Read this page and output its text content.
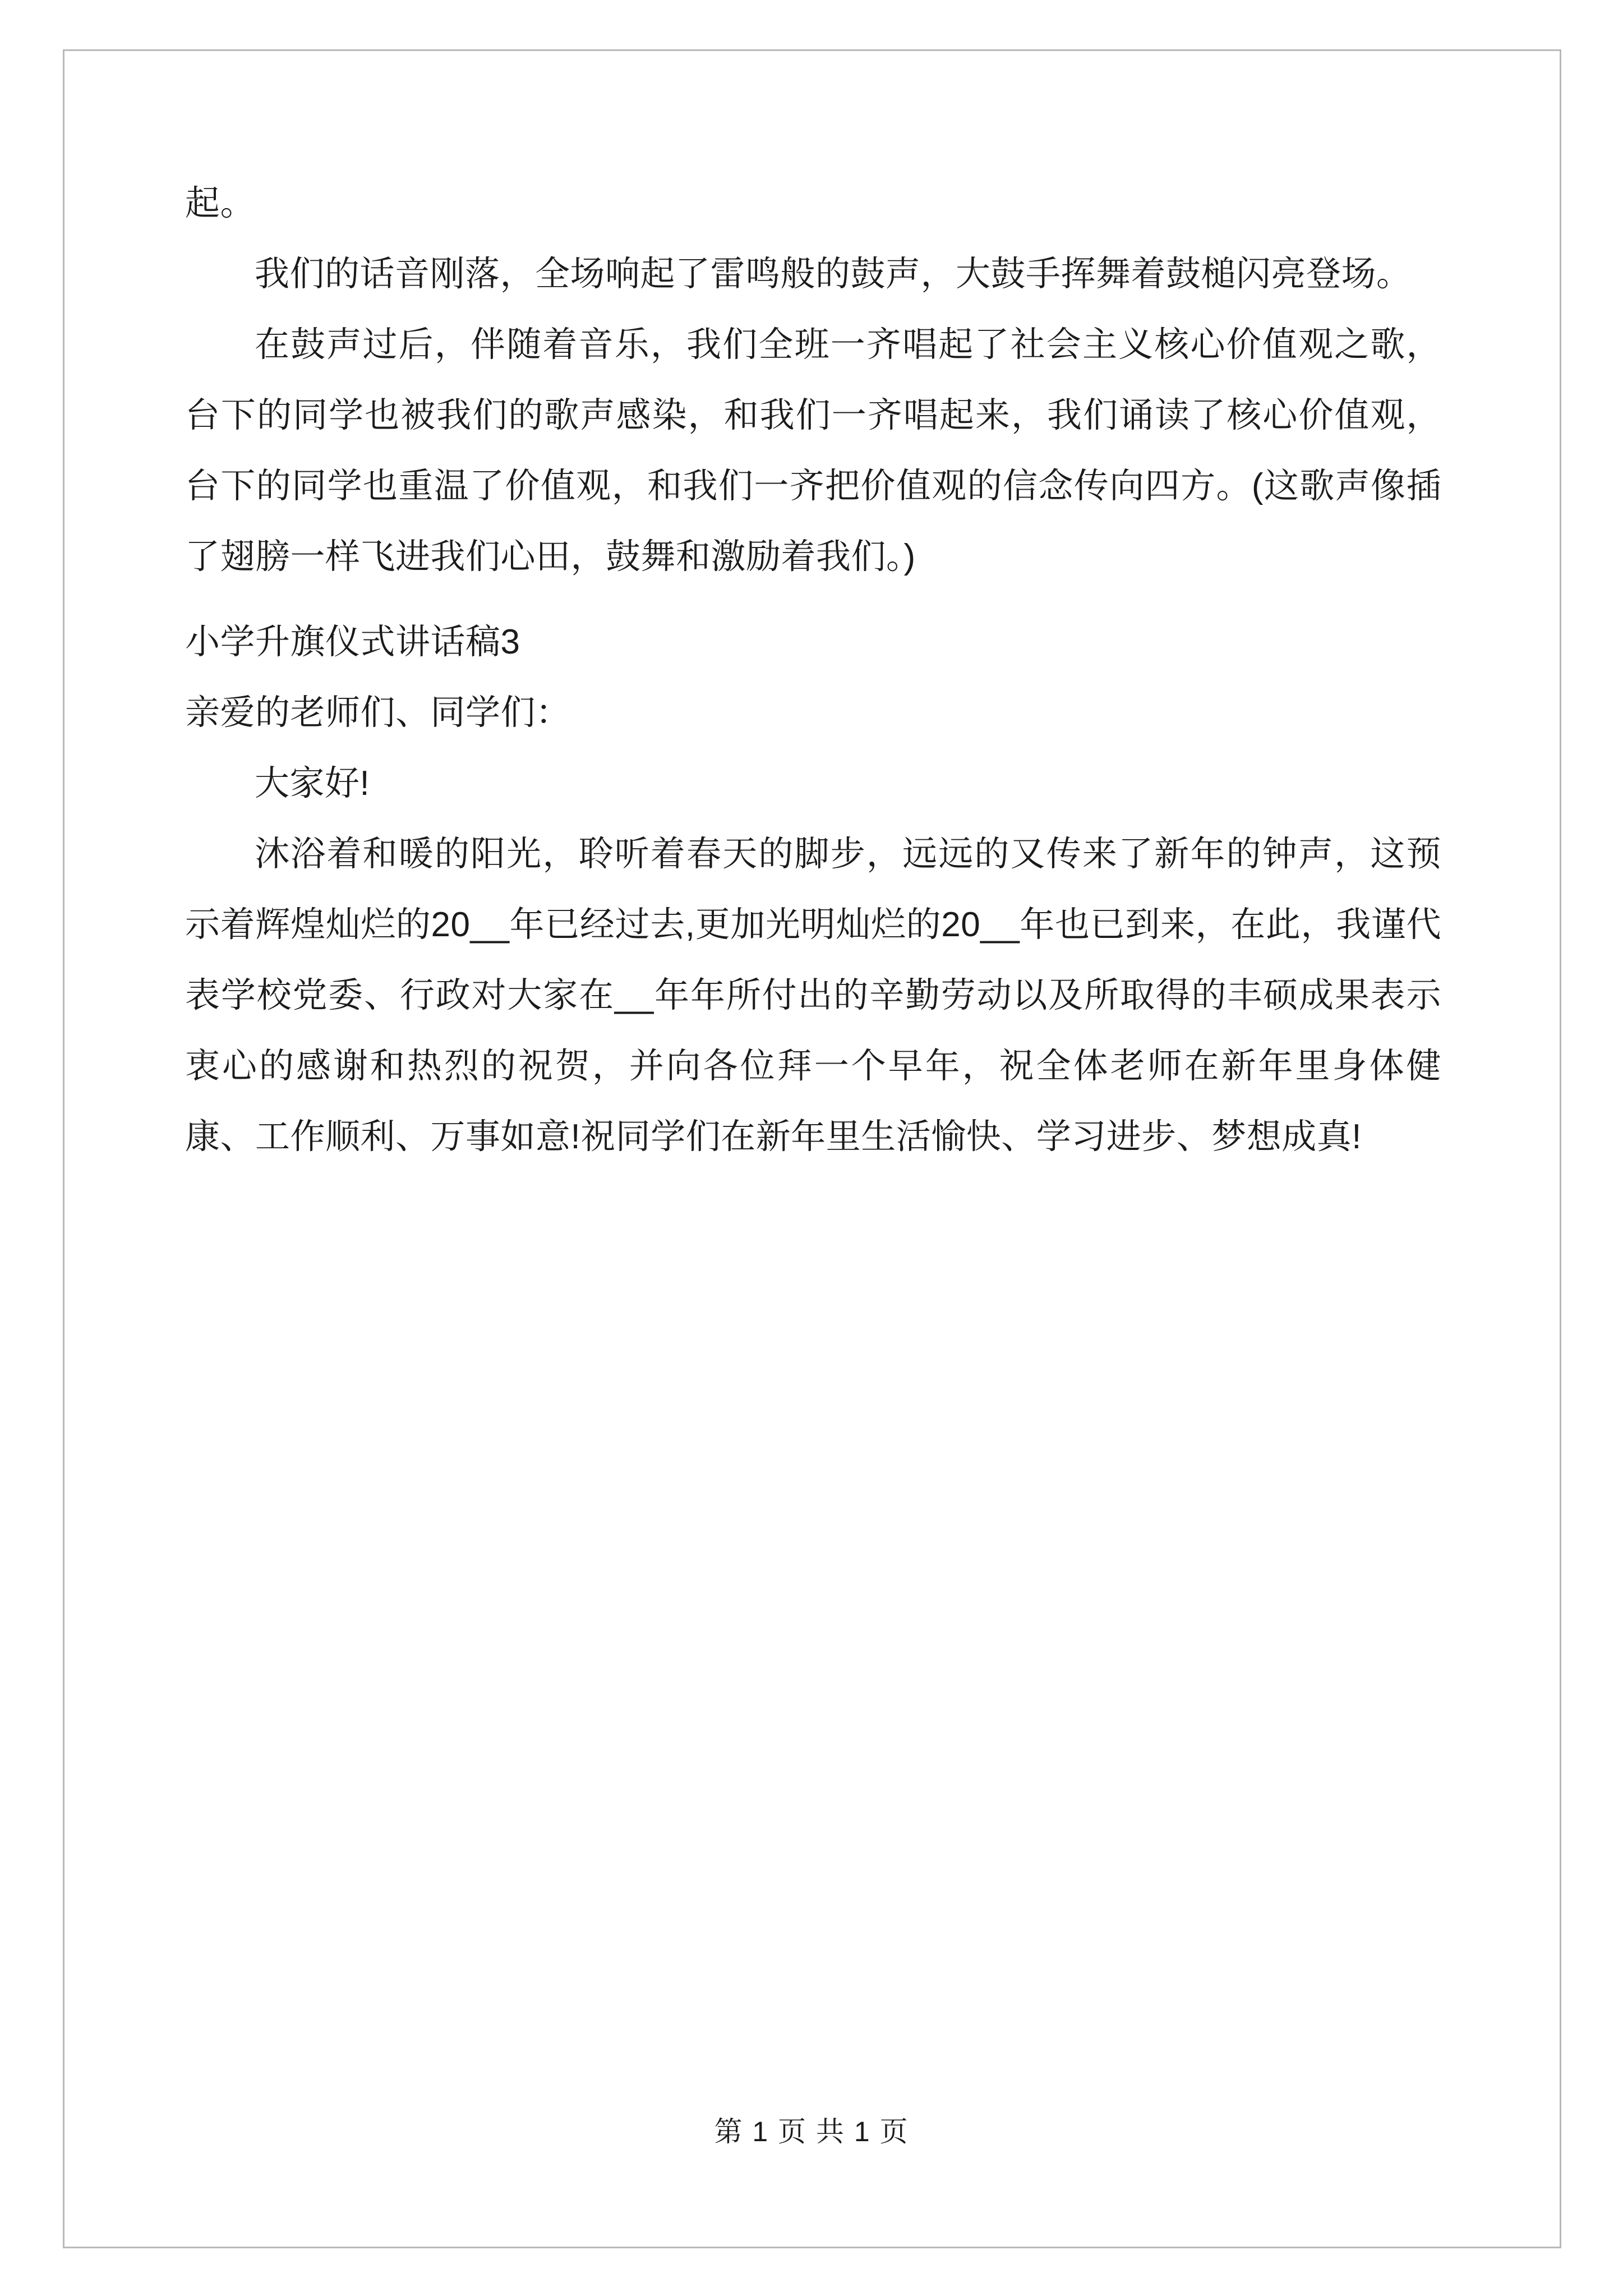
起。

我们的话音刚落，全场响起了雷鸣般的鼓声，大鼓手挥舞着鼓槌闪亮登场。

在鼓声过后，伴随着音乐，我们全班一齐唱起了社会主义核心价值观之歌，台下的同学也被我们的歌声感染，和我们一齐唱起来，我们诵读了核心价值观，台下的同学也重温了价值观，和我们一齐把价值观的信念传向四方。(这歌声像插了翅膀一样飞进我们心田，鼓舞和激励着我们。)

小学升旗仪式讲话稿3

亲爱的老师们、同学们：

大家好!

沐浴着和暖的阳光，聆听着春天的脚步，远远的又传来了新年的钟声，这预示着辉煌灿烂的20__年已经过去,更加光明灿烂的20__年也已到来，在此，我谨代表学校党委、行政对大家在__年年所付出的辛勤劳动以及所取得的丰硕成果表示衷心的感谢和热烈的祝贺，并向各位拜一个早年，祝全体老师在新年里身体健康、工作顺利、万事如意!祝同学们在新年里生活愉快、学习进步、梦想成真!

第 1 页 共 1 页
